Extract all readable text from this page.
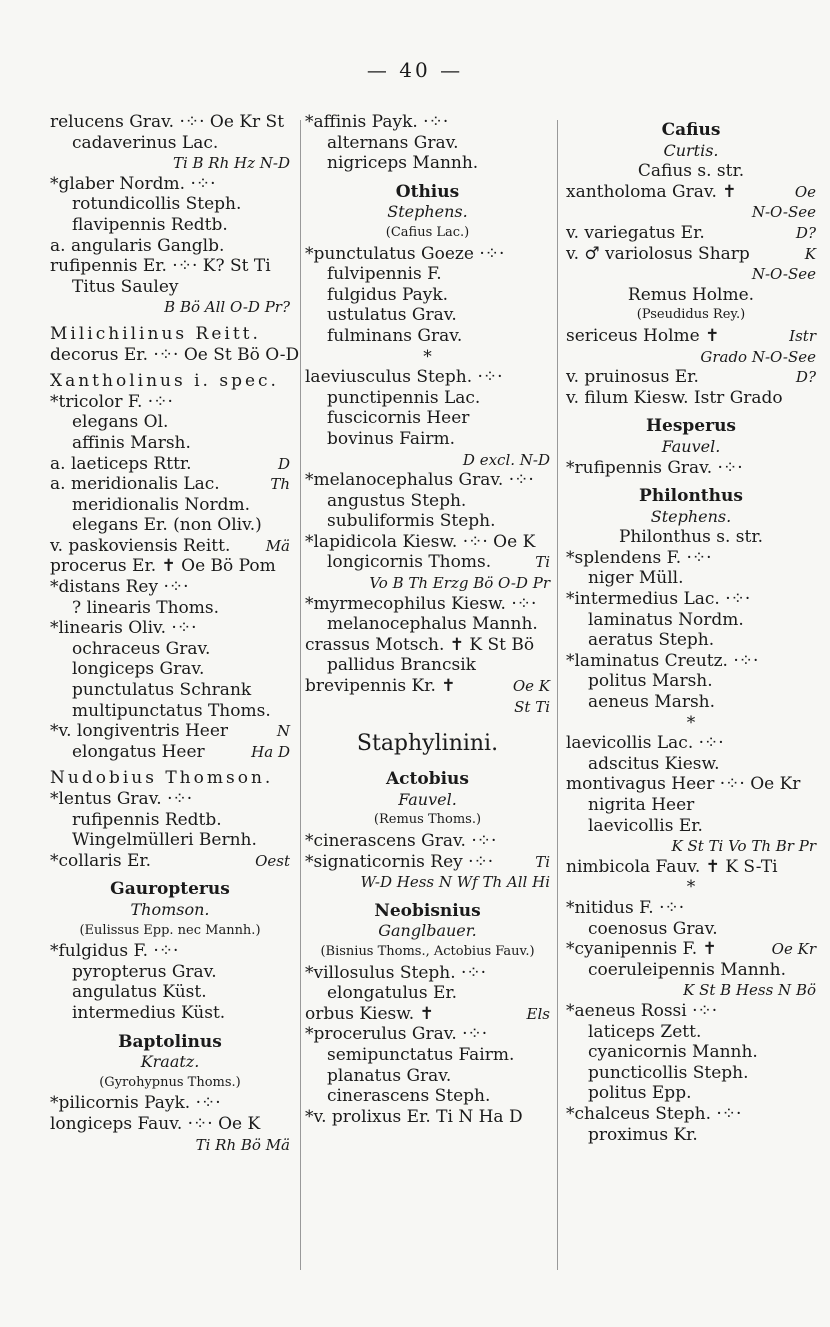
— 40 —
relucens Grav. ·⁘· Oe Kr St
cadaverinus Lac.
Ti B Rh Hz N-D
*glaber Nordm. ·⁘·
rotundicollis Steph.
flavipennis Redtb.
a. angularis Ganglb.
rufipennis Er. ·⁘· K? St Ti
Titus Sauley
B Bö All O-D Pr?
Milichilinus Reitt.
decorus Er. ·⁘· Oe St Bö O-D
Xantholinus i. spec.
*tricolor F. ·⁘·
elegans Ol.
affinis Marsh.
a. laeticeps Rttr.	D
a. meridionalis Lac.	Th
meridionalis Nordm.
elegans Er. (non Oliv.)
v. paskoviensis Reitt. Mä
procerus Er. ✝ Oe Bö Pom
*distans Rey ·⁘·
? linearis Thoms.
*linearis Oliv. ·⁘·
ochraceus Grav.
longiceps Grav.
punctulatus Schrank
multipunctatus Thoms.
*v. longiventris Heer	N
elongatus Heer	Ha D
Nudobius Thomson.
*lentus Grav. ·⁘·
rufipennis Redtb.
Wingelmülleri Bernh.
*collaris Er.	Oest
Gauropterus
Thomson.
(Eulissus Epp. nec Mannh.)
*fulgidus F. ·⁘·
pyropterus Grav.
angulatus Küst.
intermedius Küst.
Baptolinus
Kraatz.
(Gyrohypnus Thoms.)
*pilicornis Payk. ·⁘·
longiceps Fauv. ·⁘· Oe K
Ti Rh Bö Mä
*affinis Payk. ·⁘·
alternans Grav.
nigriceps Mannh.
Othius
Stephens.
(Cafius Lac.)
*punctulatus Goeze ·⁘·
fulvipennis F.
fulgidus Payk.
ustulatus Grav.
fulminans Grav.
*
laeviusculus Steph. ·⁘·
punctipennis Lac.
fuscicornis Heer
bovinus Fairm.
D excl. N-D
*melanocephalus Grav. ·⁘·
angustus Steph.
subuliformis Steph.
*lapidicola Kiesw. ·⁘· Oe K
longicornis Thoms.	Ti
Vo B Th Erzg Bö O-D Pr
*myrmecophilus Kiesw. ·⁘·
melanocephalus Mannh.
crassus Motsch. ✝ K St Bö
pallidus Brancsik
brevipennis Kr. ✝	Oe K
St Ti
Staphylinini.
Actobius
Fauvel.
(Remus Thoms.)
*cinerascens Grav. ·⁘·
*signaticornis Rey ·⁘·	Ti
W-D Hess N Wf Th All Hi
Neobisnius
Ganglbauer.
(Bisnius Thoms., Actobius Fauv.)
*villosulus Steph. ·⁘·
elongatulus Er.
orbus Kiesw. ✝	Els
*procerulus Grav. ·⁘·
semipunctatus Fairm.
planatus Grav.
cinerascens Steph.
*v. prolixus Er. Ti N Ha D
Cafius
Curtis.
Cafius s. str.
xantholoma Grav. ✝	Oe
N-O-See
v. variegatus Er.	D?
v. ♂ variolosus Sharp	K
N-O-See
Remus Holme.
(Pseudidus Rey.)
sericeus Holme ✝	Istr
Grado N-O-See
v. pruinosus Er.	D?
v. filum Kiesw. Istr Grado
Hesperus
Fauvel.
*rufipennis Grav. ·⁘·
Philonthus
Stephens.
Philonthus s. str.
*splendens F. ·⁘·
niger Müll.
*intermedius Lac. ·⁘·
laminatus Nordm.
aeratus Steph.
*laminatus Creutz. ·⁘·
politus Marsh.
aeneus Marsh.
*
laevicollis Lac. ·⁘·
adscitus Kiesw.
montivagus Heer ·⁘· Oe Kr
nigrita Heer
laevicollis Er.
K St Ti Vo Th Br Pr
nimbicola Fauv. ✝ K S-Ti
*
*nitidus F. ·⁘·
coenosus Grav.
*cyanipennis F. ✝	Oe Kr
coeruleipennis Mannh.
K St B Hess N Bö
*aeneus Rossi ·⁘·
laticeps Zett.
cyanicornis Mannh.
puncticollis Steph.
politus Epp.
*chalceus Steph. ·⁘·
proximus Kr.
